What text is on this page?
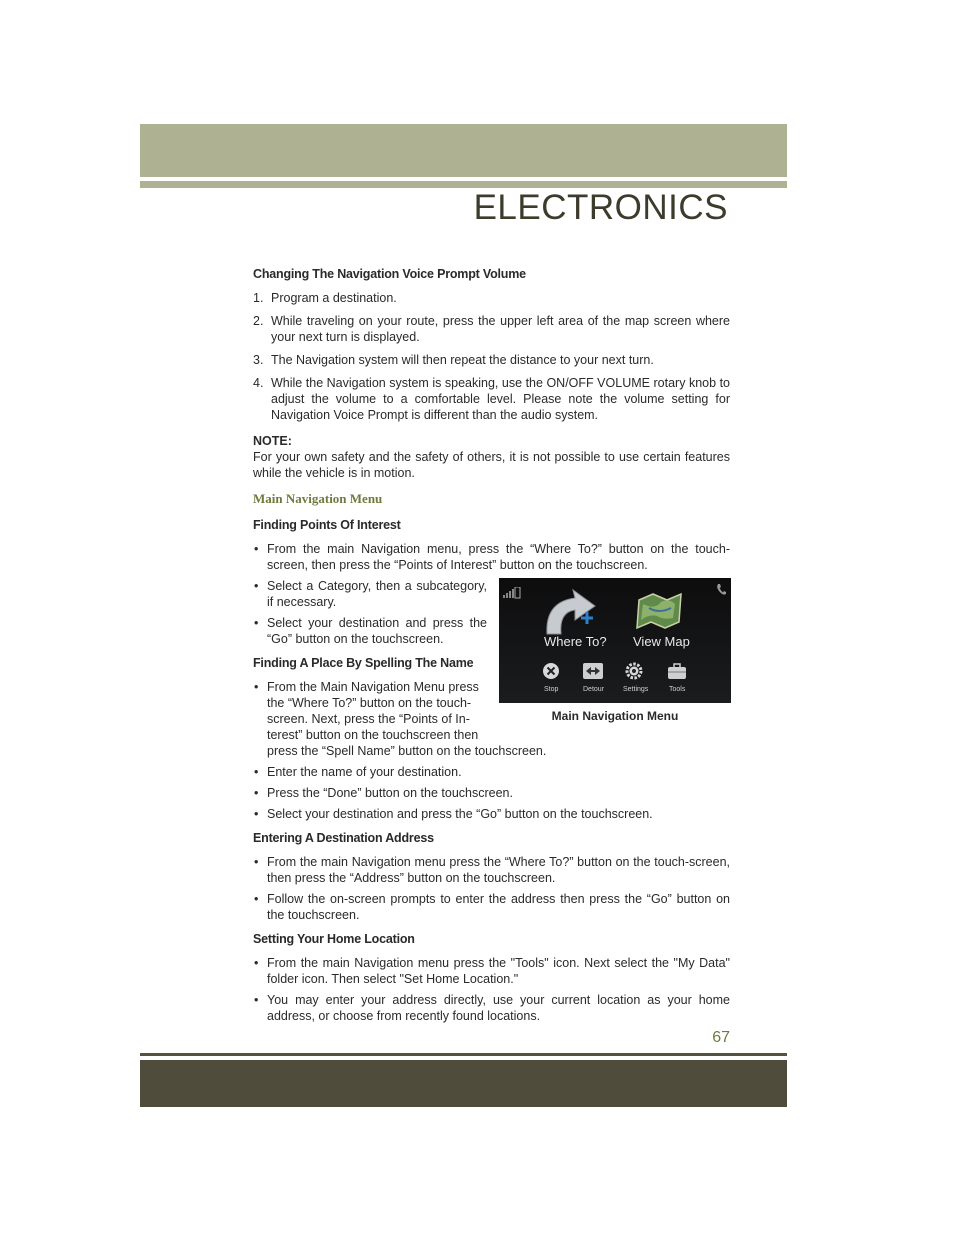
ELECTRONICS

Changing The Navigation Voice Prompt Volume

1. Program a destination.
2. While traveling on your route, press the upper left area of the map screen where your next turn is displayed.
3. The Navigation system will then repeat the distance to your next turn.
4. While the Navigation system is speaking, use the ON/OFF VOLUME rotary knob to adjust the volume to a comfortable level. Please note the volume setting for Navigation Voice Prompt is different than the audio system.

NOTE:

For your own safety and the safety of others, it is not possible to use certain features while the vehicle is in motion.

Main Navigation Menu

Finding Points Of Interest

• From the main Navigation menu, press the “Where To?” button on the touch-screen, then press the “Points of Interest” button on the touchscreen.
Where To? View Map
Stop	Detour	Settings	Tools
Main Navigation Menu
• Select a Category, then a subcategory, if necessary.
• Select your destination and press the “Go” button on the touchscreen.

Finding A Place By Spelling The Name

• From the Main Navigation Menu press the “Where To?” button on the touch-screen. Next, press the “Points of In-terest” button on the touchscreen then press the “Spell Name” button on the touchscreen.
• Enter the name of your destination.
• Press the “Done” button on the touchscreen.
• Select your destination and press the “Go” button on the touchscreen.

Entering A Destination Address

• From the main Navigation menu press the “Where To?” button on the touch-screen, then press the “Address” button on the touchscreen.
• Follow the on-screen prompts to enter the address then press the “Go” button on the touchscreen.

Setting Your Home Location

• From the main Navigation menu press the "Tools" icon. Next select the "My Data" folder icon. Then select "Set Home Location."
• You may enter your address directly, use your current location as your home address, or choose from recently found locations.
67
